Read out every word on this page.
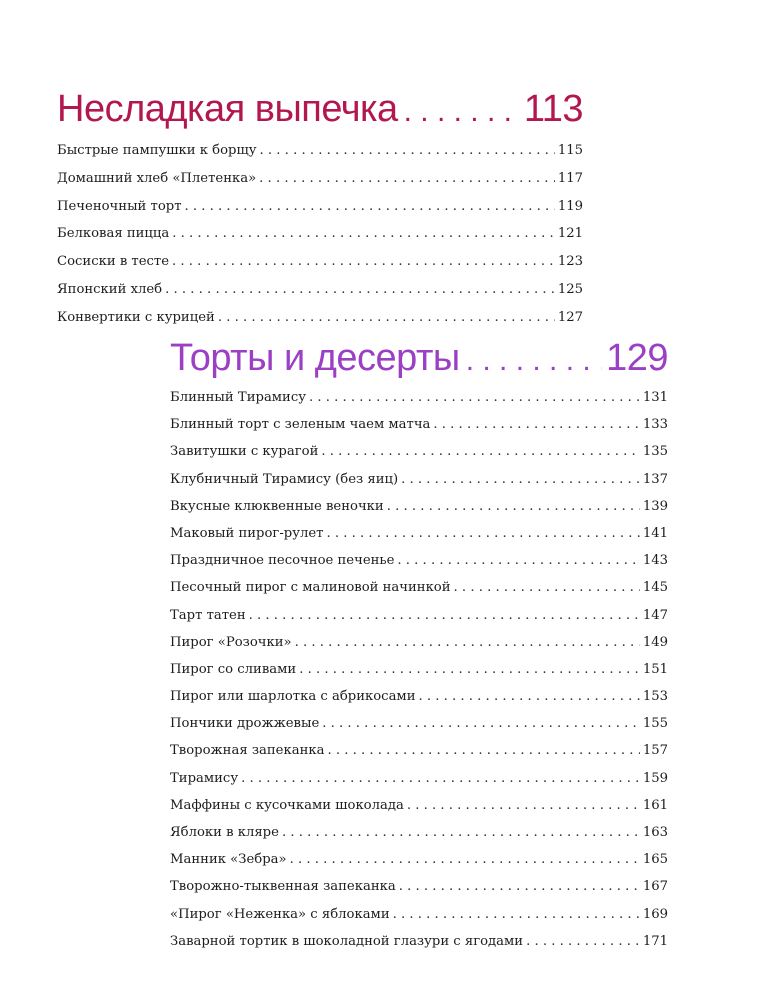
Несладкая выпечка . . .	113
Быстрые пампушки к борщу . . .	115
Домашний хлеб «Плетенка» . . .	117
Печеночный торт . . .	119
Белковая пицца . . .	121
Сосиски в тесте . . .	123
Японский хлеб . . .	125
Конвертики с курицей . . .	127
Торты и десерты . . .	129
Блинный Тирамису . . .	131
Блинный торт с зеленым чаем матча . . .	133
Завитушки с курагой . . .	135
Клубничный Тирамису (без яиц) . . .	137
Вкусные клюквенные веночки . . .	139
Маковый пирог-рулет . . .	141
Праздничное песочное печенье . . .	143
Песочный пирог с малиновой начинкой . . .	145
Тарт татен . . .	147
Пирог «Розочки» . . .	149
Пирог со сливами . . .	151
Пирог или шарлотка с абрикосами . . .	153
Пончики дрожжевые . . .	155
Творожная запеканка . . .	157
Тирамису . . .	159
Маффины с кусочками шоколада . . .	161
Яблоки в кляре . . .	163
Манник «Зебра» . . .	165
Творожно-тыквенная запеканка . . .	167
«Пирог «Неженка» с яблоками . . .	169
Заварной тортик в шоколадной глазури с ягодами . . .	171
